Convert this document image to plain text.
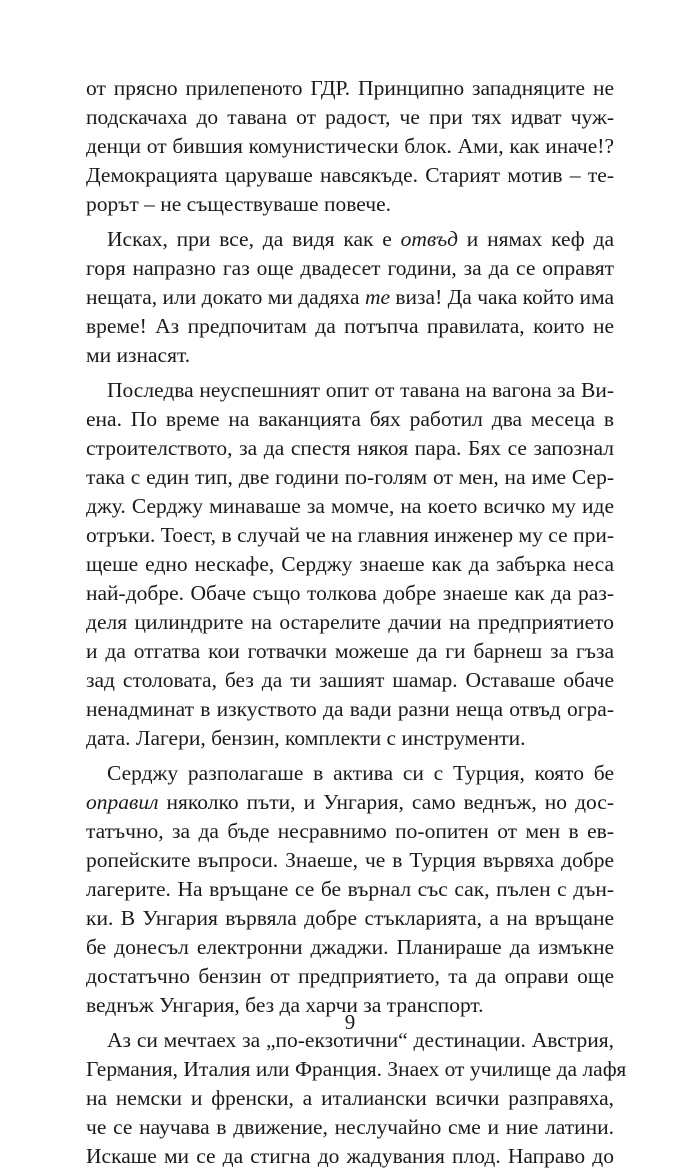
от прясно прилепеното ГДР. Принципно западняците не
подскачаха до тавана от радост, че при тях идват чуж-
денци от бившия комунистически блок. Ами, как иначе!?
Демокрацията царуваше навсякъде. Старият мотив – те-
рорът – не съществуваше повече.
Исках, при все, да видя как е отвъд и нямах кеф да
горя напразно газ още двадесет години, за да се оправят
нещата, или докато ми дадяха те виза! Да чака който има
време! Аз предпочитам да потъпча правилата, които не
ми изнасят.
Последва неуспешният опит от тавана на вагона за Ви-
ена. По време на ваканцията бях работил два месеца в
строителството, за да спестя някоя пара. Бях се запознал
така с един тип, две години по-голям от мен, на име Сер-
джу. Серджу минаваше за момче, на което всичко му иде
отръки. Тоест, в случай че на главния инженер му се при-
щеше едно нескафе, Серджу знаеше как да забърка неса
най-добре. Обаче също толкова добре знаеше как да раз-
деля цилиндрите на остарелите дачии на предприятието
и да отгатва кои готвачки можеше да ги барнеш за гъза
зад столовата, без да ти зашият шамар. Оставаше обаче
ненадминат в изкуството да вади разни неща отвъд огра-
дата. Лагери, бензин, комплекти с инструменти.
Серджу разполагаше в актива си с Турция, която бе
оправил няколко пъти, и Унгария, само веднъж, но дос-
татъчно, за да бъде несравнимо по-опитен от мен в ев-
ропейските въпроси. Знаеше, че в Турция вървяха добре
лагерите. На връщане се бе върнал със сак, пълен с дън-
ки. В Унгария вървяла добре стъкларията, а на връщане
бе донесъл електронни джаджи. Планираше да измъкне
достатъчно бензин от предприятието, та да оправи още
веднъж Унгария, без да харчи за транспорт.
Аз си мечтаех за „по-екзотични“ дестинации. Австрия,
Германия, Италия или Франция. Знаех от училище да лафя
на немски и френски, а италиански всички разправяха,
че се научава в движение, неслучайно сме и ние латини.
Искаше ми се да стигна до жадувания плод. Направо до
9
